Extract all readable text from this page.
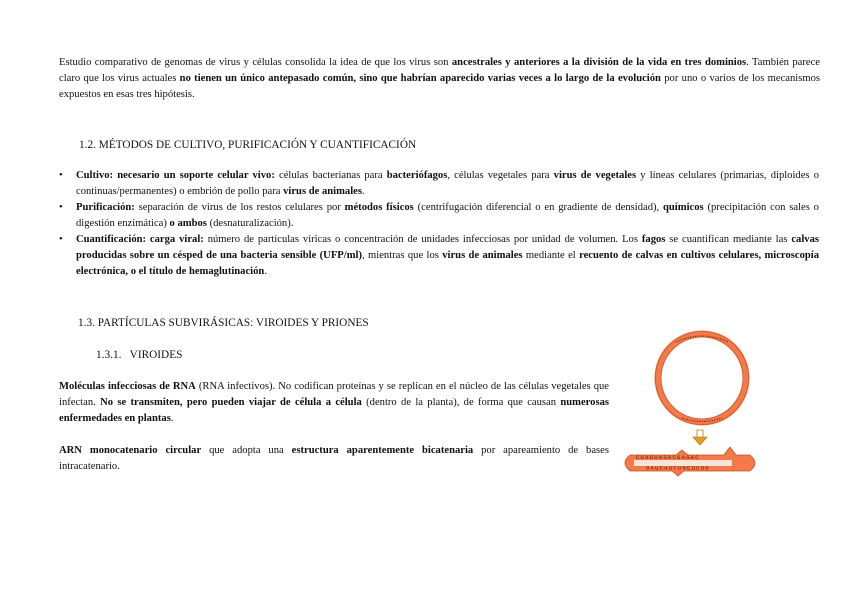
Estudio comparativo de genomas de virus y células consolida la idea de que los virus son ancestrales y anteriores a la división de la vida en tres dominios. También parece claro que los virus actuales no tienen un único antepasado común, sino que habrían aparecido varias veces a lo largo de la evolución por uno o varios de los mecanismos expuestos en esas tres hipótesis.
1.2. MÉTODOS DE CULTIVO, PURIFICACIÓN Y CUANTIFICACIÓN
• Cultivo: necesario un soporte celular vivo: células bacterianas para bacteriófagos, células vegetales para virus de vegetales y líneas celulares (primarias, diploides o continuas/permanentes) o embrión de pollo para virus de animales.
• Purificación: separación de virus de los restos celulares por métodos físicos (centrifugación diferencial o en gradiente de densidad), químicos (precipitación con sales o digestión enzimática) o ambos (desnaturalización).
• Cuantificación: carga viral: número de partículas víricas o concentración de unidades infecciosas por unidad de volumen. Los fagos se cuantifican mediante las calvas producidas sobre un césped de una bacteria sensible (UFP/ml), mientras que los virus de animales mediante el recuento de calvas en cultivos celulares, microscopía electrónica, o el título de hemaglutinación.
1.3. PARTÍCULAS SUBVIRÁSICAS: VIROIDES Y PRIONES
1.3.1.   VIROIDES
Moléculas infecciosas de RNA (RNA infectivos). No codifican proteínas y se replican en el núcleo de las células vegetales que infectan. No se transmiten, pero pueden viajar de célula a célula (dentro de la planta), de forma que causan numerosas enfermedades en plantas.
ARN monocatenario circular que adopta una estructura aparentemente bicatenaria por apareamiento de bases intracatenario.
CUAGUAGACGAGAC
GAUCAUCUGCUCUG
